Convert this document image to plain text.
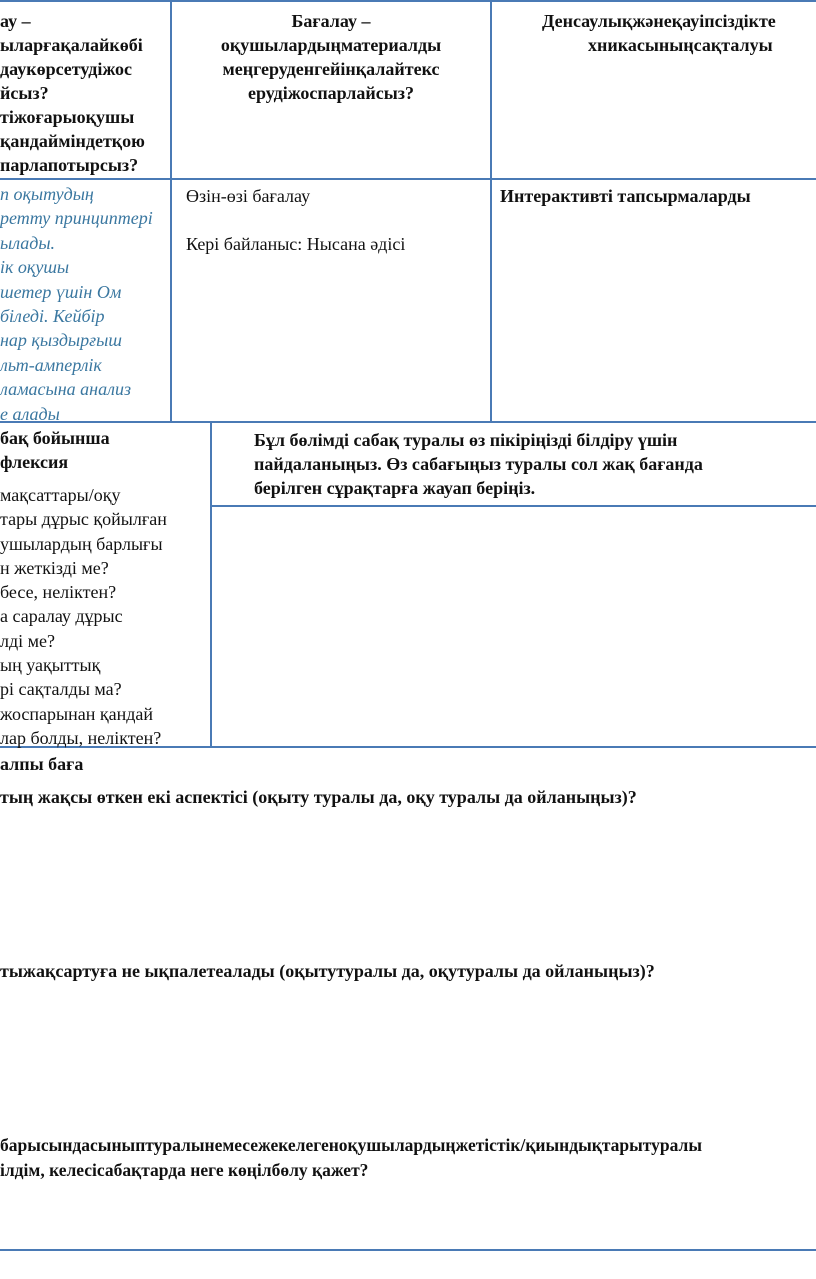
ау –
ыларғақалайкөбі
даукөрсетудіжос
йсыз?
тіжоғарыоқушы
қандайміндетқою
парлапотырсыз?
Бағалау –
оқушылардыңматериалды
меңгеруденгейінқалайтекс
ерудіжоспарлайсыз?
Денсаулықжәнеқауіпсіздікте
хникасыныңсақталуы
п оқытудың
ретту принциптері
ылады.
ік оқушы
шетер үшін Ом
біледі. Кейбір
нар қыздырғыш
льт-амперлік
ламасына анализ
е алады
Өзін-өзі бағалау
Кері байланыс: Нысана әдісі
Интерактивті тапсырмаларды
бақ бойынша
флексия
мақсаттары/оқу
тары дұрыс қойылған
ушылардың барлығы
н жеткізді ме?
бесе, неліктен?
а саралау дұрыс
лді ме?
ың уақыттық
рі сақталды ма?
жоспарынан қандай
лар болды, неліктен?
Бұл бөлімді сабақ туралы өз пікіріңізді білдіру үшін
пайдаланыңыз. Өз сабағыңыз туралы сол жақ бағанда
берілген сұрақтарға жауап беріңіз.
алпы баға
тың жақсы өткен екі аспектісі (оқыту туралы да, оқу туралы да ойланыңыз)?
тыжақсартуға не ықпалетеалады (оқытутуралы да, оқутуралы да ойланыңыз)?
барысындасыныптуралынемесежекелегеноқушылардыңжетістік/қиындықтарытуралы
ілдім, келесісабақтарда неге көңілбөлу қажет?
